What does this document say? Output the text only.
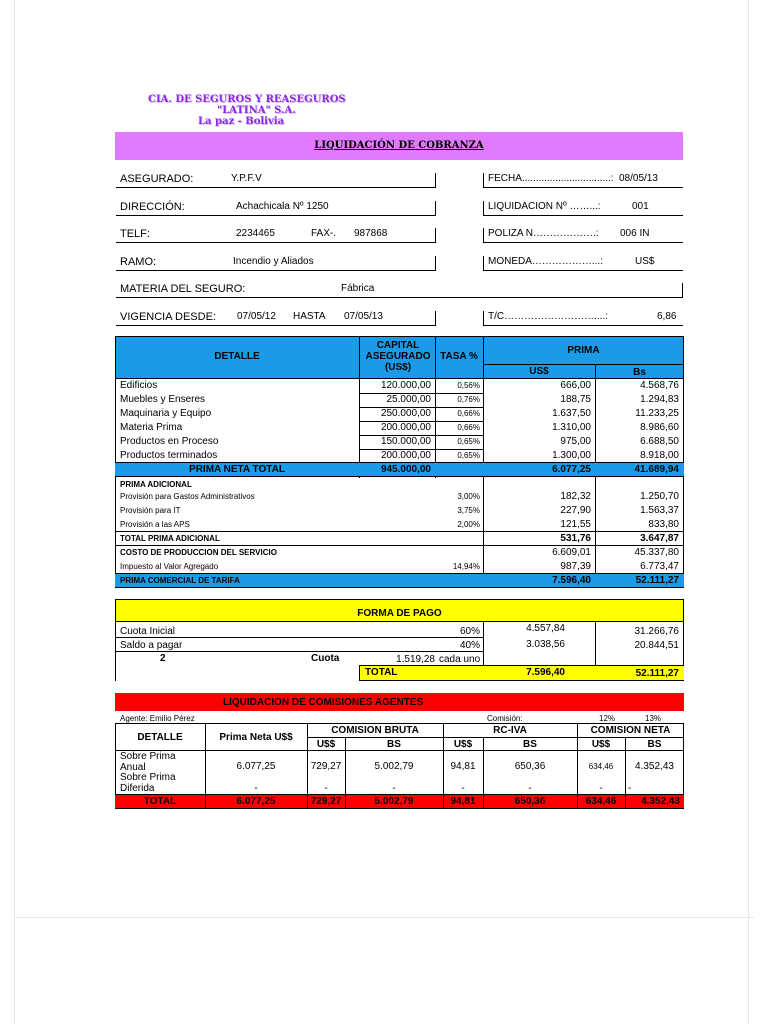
CIA. DE SEGUROS Y REASEGUROS
"LATINA" S.A.
La paz - Bolivia
LIQUIDACIÓN DE COBRANZA
ASEGURADO:	Y.P.F.V
DIRECCIÓN:	Achachicala Nº 1250
TELF:	2234465	FAX-. 987868
RAMO:	Incendio y Aliados
MATERIA DEL SEGURO:	Fábrica
VIGENCIA DESDE: 07/05/12 HASTA 07/05/13
FECHA................................: 08/05/13
LIQUIDACION Nº ……...:	001
POLIZA N……………….: 006 IN
MONEDA………………...:	US$
T/C………………………....:	6,86
DETALLE
CAPITAL ASEGURADO (US$)
TASA %
PRIMA
US$	Bs
Edificios	120.000,00	0,56%	666,00	4.568,76
Muebles y Enseres	25.000,00	0,76%	188,75	1.294,83
Maquinaria y Equipo	250.000,00	0,66%	1.637,50	11.233,25
Materia Prima	200.000,00	0,66%	1.310,00	8.986,60
Productos en Proceso	150.000,00	0,65%	975,00	6.688,50
Productos terminados	200.000,00	0,65%	1.300,00	8.918,00
PRIMA NETA TOTAL	945.000,00	6.077,25	41.689,94
PRIMA ADICIONAL
Provisión para Gastos Administrativos	3,00%	182,32	1.250,70
Provisión para IT	3,75%	227,90	1.563,37
Provisión a las APS	2,00%	121,55	833,80
TOTAL PRIMA ADICIONAL	531,76	3.647,87
COSTO DE PRODUCCION DEL SERVICIO	6.609,01	45.337,80
Impuesto al Valor Agregado	14,94%	987,39	6.773,47
PRIMA COMERCIAL DE TARIFA	7.596,40	52.111,27
FORMA DE PAGO
Cuota Inicial	60%	4.557,84	31.266,76
Saldo a pagar	40%	3.038,56	20.844,51
2	Cuota	1.519,28 cada uno
TOTAL	7.596,40	52.111,27
LIQUIDACION DE COMISIONES AGENTES
Agente: Emilio Pérez	Comisión:	12%	13%
DETALLE	Prima Neta U$$
COMISION BRUTA	RC-IVA	COMISION NETA
U$$	BS	U$$	BS	U$$	BS
Sobre Prima
Anual	6.077,25	729,27	5.002,79	94,81	650,36	634,46	4.352,43
Sobre Prima
Diferida	-	-	-	-	-	-	-
TOTAL	6.077,25	729,27	5.002,79	94,81	650,36	634,46	4.352,43
